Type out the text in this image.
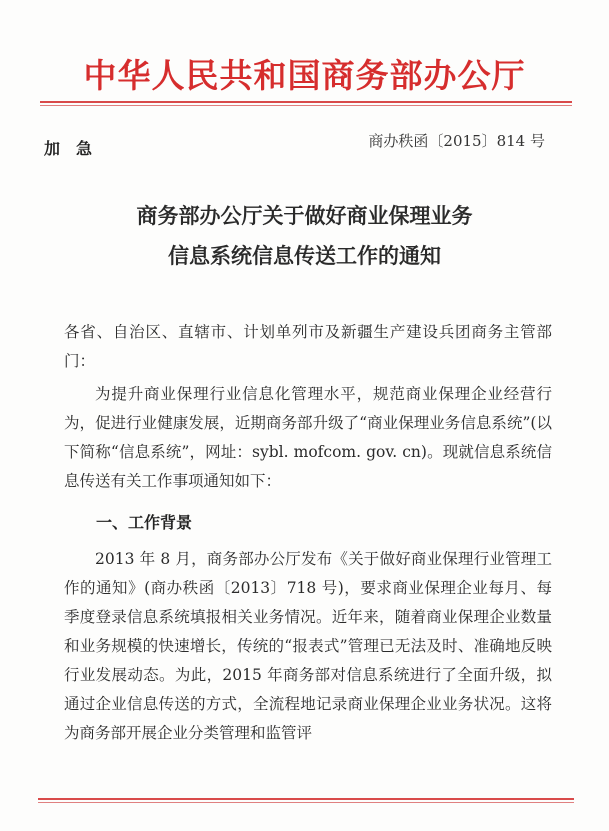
中华人民共和国商务部办公厅
加急	商办秩函〔2015〕814 号
商务部办公厅关于做好商业保理业务
信息系统信息传送工作的通知

各省、自治区、直辖市、计划单列市及新疆生产建设兵团商务主管部门：

为提升商业保理行业信息化管理水平，规范商业保理企业经营行为，促进行业健康发展，近期商务部升级了“商业保理业务信息系统”(以下简称“信息系统”，网址：sybl. mofcom. gov. cn)。现就信息系统信息传送有关工作事项通知如下：

一、工作背景

2013 年 8 月，商务部办公厅发布《关于做好商业保理行业管理工作的通知》(商办秩函〔2013〕718 号)，要求商业保理企业每月、每季度登录信息系统填报相关业务情况。近年来，随着商业保理企业数量和业务规模的快速增长，传统的“报表式”管理已无法及时、准确地反映行业发展动态。为此，2015 年商务部对信息系统进行了全面升级，拟通过企业信息传送的方式，全流程地记录商业保理企业业务状况。这将为商务部开展企业分类管理和监管评
